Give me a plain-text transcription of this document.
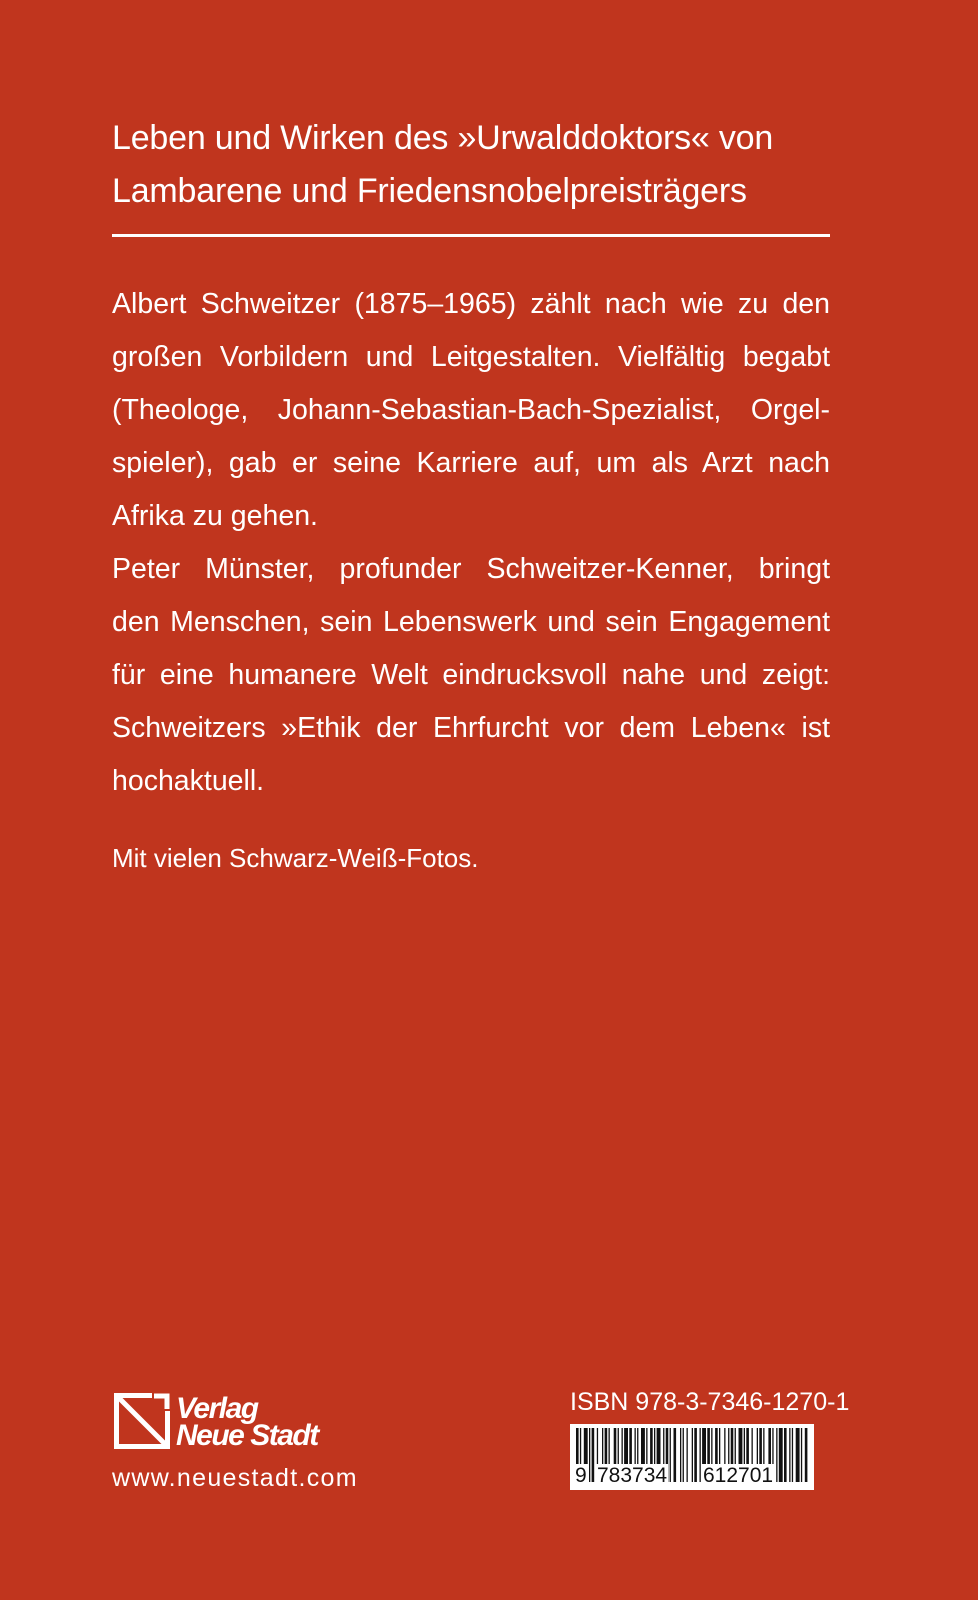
Leben und Wirken des »Urwalddoktors« von
Lambarene und Friedensnobelpreisträgers

Albert Schweitzer (1875–1965) zählt nach wie zu den
großen Vorbildern und Leitgestalten. Vielfältig begabt
(Theologe, Johann-Sebastian-Bach-Spezialist, Orgel-
spieler), gab er seine Karriere auf, um als Arzt nach
Afrika zu gehen.

Peter Münster, profunder Schweitzer-Kenner, bringt
den Menschen, sein Lebenswerk und sein Engagement
für eine humanere Welt eindrucksvoll nahe und zeigt:
Schweitzers »Ethik der Ehrfurcht vor dem Leben« ist
hochaktuell.

Mit vielen Schwarz-Weiß-Fotos.

Verlag
Neue Stadt

www.neuestadt.com

ISBN 978-3-7346-1270-1
9 783734 612701
